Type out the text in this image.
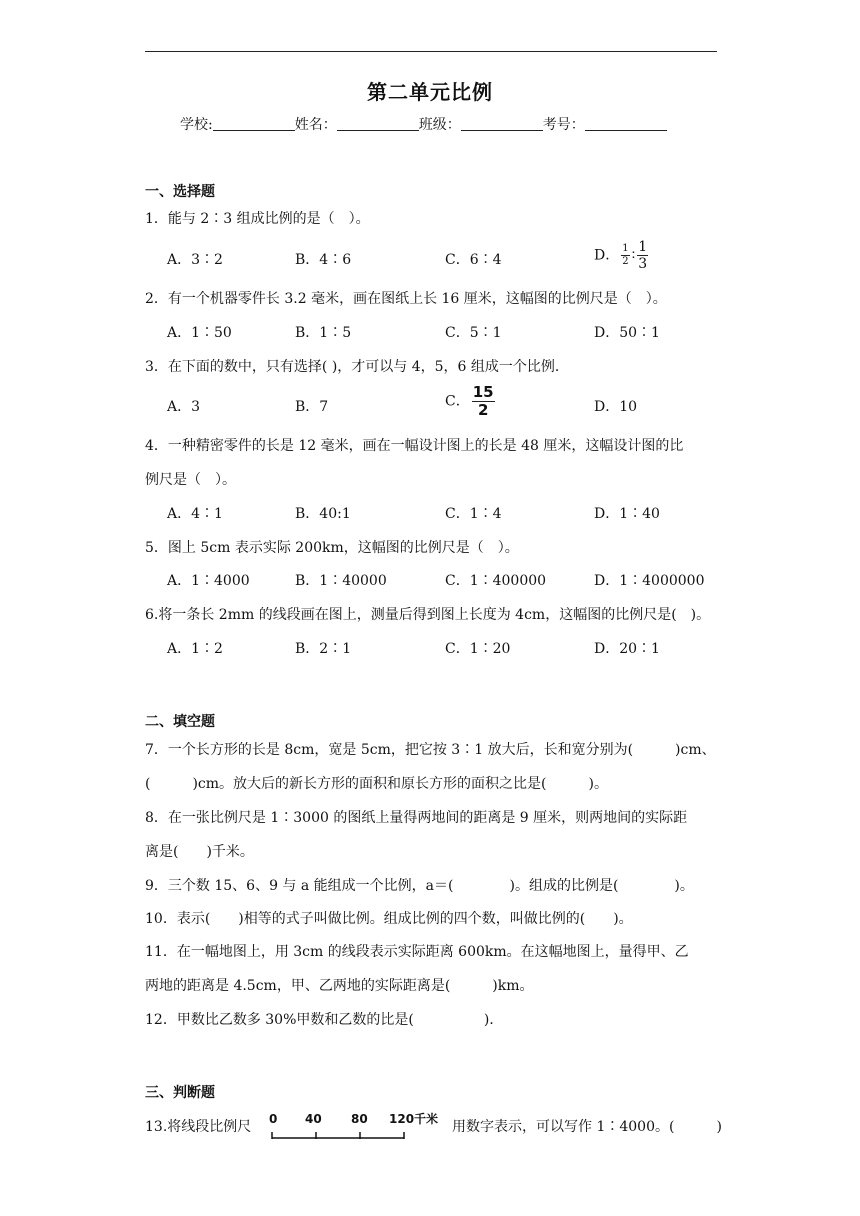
第二单元比例
学校:	姓名：	班级：	考号：
一、选择题
1．能与 2∶3 组成比例的是（　）。
A．3∶2	B．4∶6	C．6∶4	D． $\frac{1}{2}$ ∶ $\frac{1}{3}$
2．有一个机器零件长 3.2 毫米，画在图纸上长 16 厘米，这幅图的比例尺是（　）。
A．1∶50	B．1∶5	C．5∶1	D．50∶1
3．在下面的数中，只有选择( )，才可以与 4，5，6 组成一个比例．
A．3	B．7	C． $\frac{15}{2}$	D．10
4．一种精密零件的长是 12 毫米，画在一幅设计图上的长是 48 厘米，这幅设计图的比
例尺是（　）。
A．4∶1	B．40:1	C．1∶4	D．1∶40
5．图上 5cm 表示实际 200km，这幅图的比例尺是（　）。
A．1∶4000	B．1∶40000	C．1∶400000	D．1∶4000000
6.将一条长 2mm 的线段画在图上，测量后得到图上长度为 4cm，这幅图的比例尺是(　)。
A．1∶2	B．2∶1	C．1∶20	D．20∶1
二、填空题
7．一个长方形的长是 8cm，宽是 5cm，把它按 3∶1 放大后，长和宽分别为(　　　)cm、
(　　　)cm。放大后的新长方形的面积和原长方形的面积之比是(　　　)。
8．在一张比例尺是 1∶3000 的图纸上量得两地间的距离是 9 厘米，则两地间的实际距
离是(　　)千米。
9．三个数 15、6、9 与 a 能组成一个比例，a＝(　　　　)。组成的比例是(　　　　)。
10．表示(　　)相等的式子叫做比例。组成比例的四个数，叫做比例的(　　)。
11．在一幅地图上，用 3cm 的线段表示实际距离 600km。在这幅地图上，量得甲、乙
两地的距离是 4.5cm，甲、乙两地的实际距离是(　　　)km。
12．甲数比乙数多 30%甲数和乙数的比是(　　　　　).
三、判断题
13.将线段比例尺 0 40 80 120千米 用数字表示，可以写作 1∶4000。(　　　)
